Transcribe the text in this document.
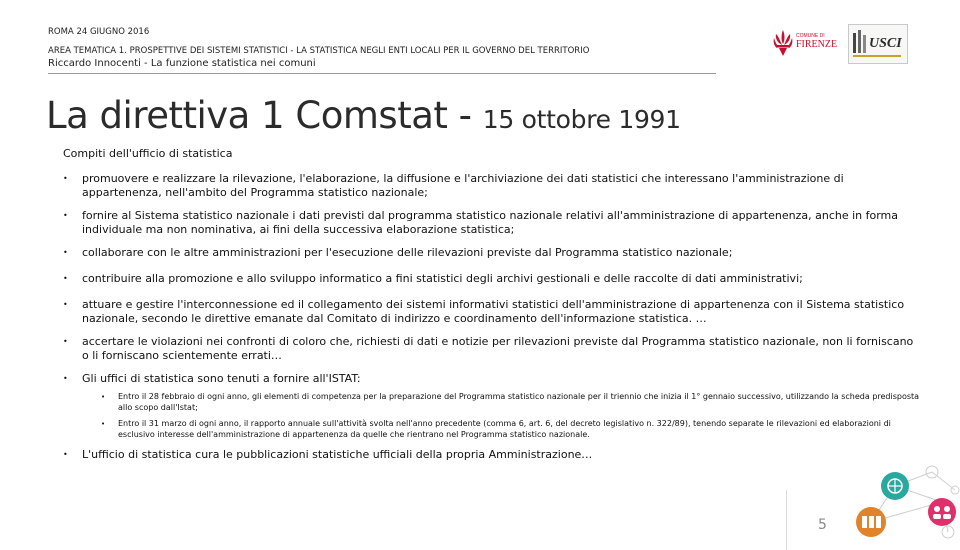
ROMA 24 GIUGNO 2016
AREA TEMATICA 1. PROSPETTIVE DEI SISTEMI STATISTICI - LA STATISTICA NEGLI ENTI LOCALI PER IL GOVERNO DEL TERRITORIO
Riccardo Innocenti - La funzione statistica nei comuni
COMUNE DI
FIRENZE USCI
La direttiva 1 Comstat - 15 ottobre 1991
Compiti dell'ufficio di statistica
• promuovere e realizzare la rilevazione, l'elaborazione, la diffusione e l'archiviazione dei dati statistici che interessano l'amministrazione di appartenenza, nell'ambito del Programma statistico nazionale;
• fornire al Sistema statistico nazionale i dati previsti dal programma statistico nazionale relativi all'amministrazione di appartenenza, anche in forma individuale ma non nominativa, ai fini della successiva elaborazione statistica;
• collaborare con le altre amministrazioni per l'esecuzione delle rilevazioni previste dal Programma statistico nazionale;
• contribuire alla promozione e allo sviluppo informatico a fini statistici degli archivi gestionali e delle raccolte di dati amministrativi;
• attuare e gestire l'interconnessione ed il collegamento dei sistemi informativi statistici dell'amministrazione di appartenenza con il Sistema statistico nazionale, secondo le direttive emanate dal Comitato di indirizzo e coordinamento dell'informazione statistica. …
• accertare le violazioni nei confronti di coloro che, richiesti di dati e notizie per rilevazioni previste dal Programma statistico nazionale, non li forniscano o li forniscano scientemente errati…
• Gli uffici di statistica sono tenuti a fornire all'ISTAT:
• Entro il 28 febbraio di ogni anno, gli elementi di competenza per la preparazione del Programma statistico nazionale per il triennio che inizia il 1° gennaio successivo, utilizzando la scheda predisposta allo scopo dall'Istat;
• Entro il 31 marzo di ogni anno, il rapporto annuale sull'attività svolta nell'anno precedente (comma 6, art. 6, del decreto legislativo n. 322/89), tenendo separate le rilevazioni ed elaborazioni di esclusivo interesse dell'amministrazione di appartenenza da quelle che rientrano nel Programma statistico nazionale.
• L'ufficio di statistica cura le pubblicazioni statistiche ufficiali della propria Amministrazione…
5
